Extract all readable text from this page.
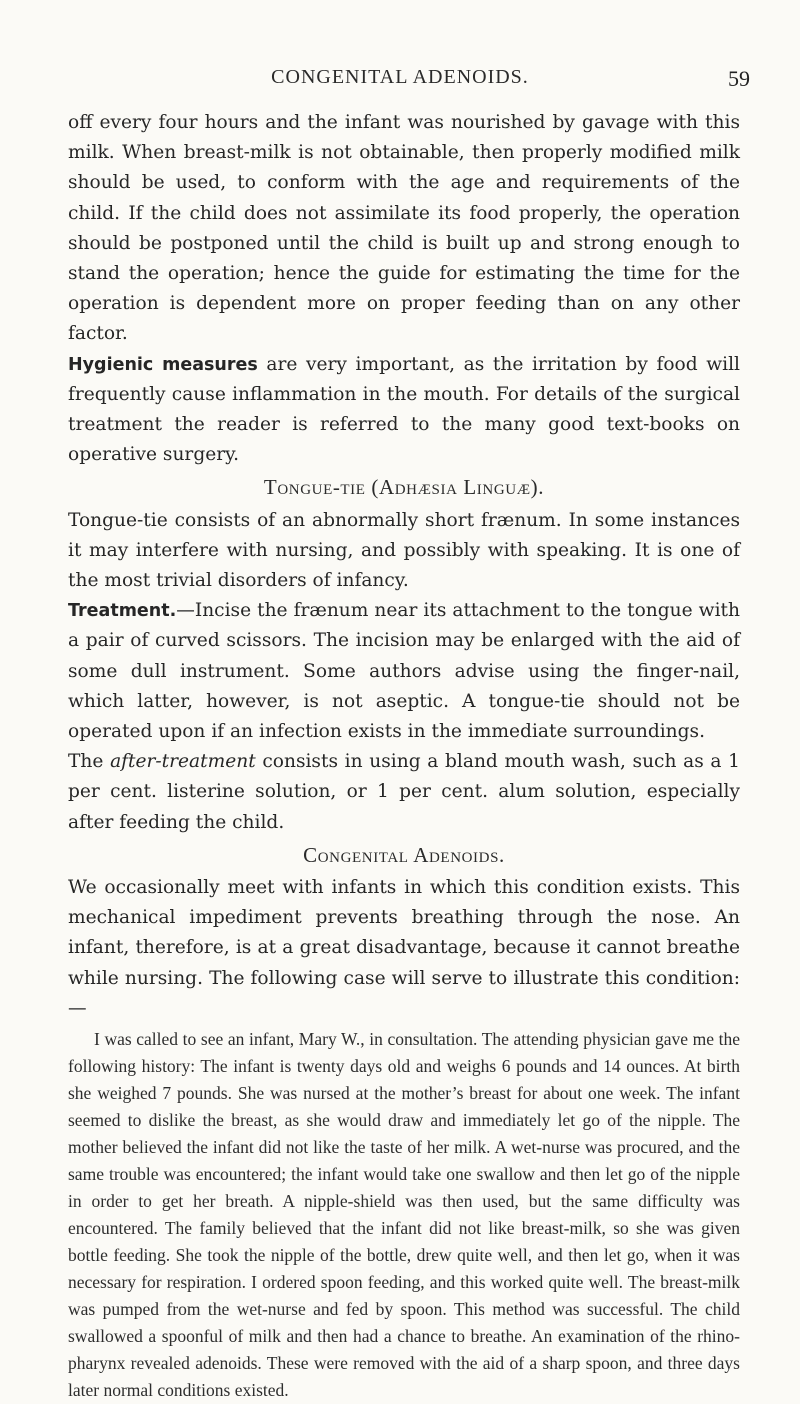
CONGENITAL ADENOIDS.	59

off every four hours and the infant was nourished by gavage with this milk. When breast-milk is not obtainable, then properly modified milk should be used, to conform with the age and requirements of the child. If the child does not assimilate its food properly, the operation should be postponed until the child is built up and strong enough to stand the operation; hence the guide for estimating the time for the operation is dependent more on proper feeding than on any other factor.

Hygienic measures are very important, as the irritation by food will frequently cause inflammation in the mouth. For details of the surgical treatment the reader is referred to the many good text-books on operative surgery.

Tongue-tie (Adhæsia Linguæ).

Tongue-tie consists of an abnormally short frænum. In some instances it may interfere with nursing, and possibly with speaking. It is one of the most trivial disorders of infancy.

Treatment.—Incise the frænum near its attachment to the tongue with a pair of curved scissors. The incision may be enlarged with the aid of some dull instrument. Some authors advise using the finger-nail, which latter, however, is not aseptic. A tongue-tie should not be operated upon if an infection exists in the immediate surroundings.

The after-treatment consists in using a bland mouth wash, such as a 1 per cent. listerine solution, or 1 per cent. alum solution, especially after feeding the child.

Congenital Adenoids.

We occasionally meet with infants in which this condition exists. This mechanical impediment prevents breathing through the nose. An infant, therefore, is at a great disadvantage, because it cannot breathe while nursing. The following case will serve to illustrate this condition:—

I was called to see an infant, Mary W., in consultation. The attending physician gave me the following history: The infant is twenty days old and weighs 6 pounds and 14 ounces. At birth she weighed 7 pounds. She was nursed at the mother’s breast for about one week. The infant seemed to dislike the breast, as she would draw and immediately let go of the nipple. The mother believed the infant did not like the taste of her milk. A wet-nurse was procured, and the same trouble was encountered; the infant would take one swallow and then let go of the nipple in order to get her breath. A nipple-shield was then used, but the same difficulty was encountered. The family believed that the infant did not like breast-milk, so she was given bottle feeding. She took the nipple of the bottle, drew quite well, and then let go, when it was necessary for respiration. I ordered spoon feeding, and this worked quite well. The breast-milk was pumped from the wet-nurse and fed by spoon. This method was successful. The child swallowed a spoonful of milk and then had a chance to breathe. An examination of the rhino-pharynx revealed adenoids. These were removed with the aid of a sharp spoon, and three days later normal conditions existed.
